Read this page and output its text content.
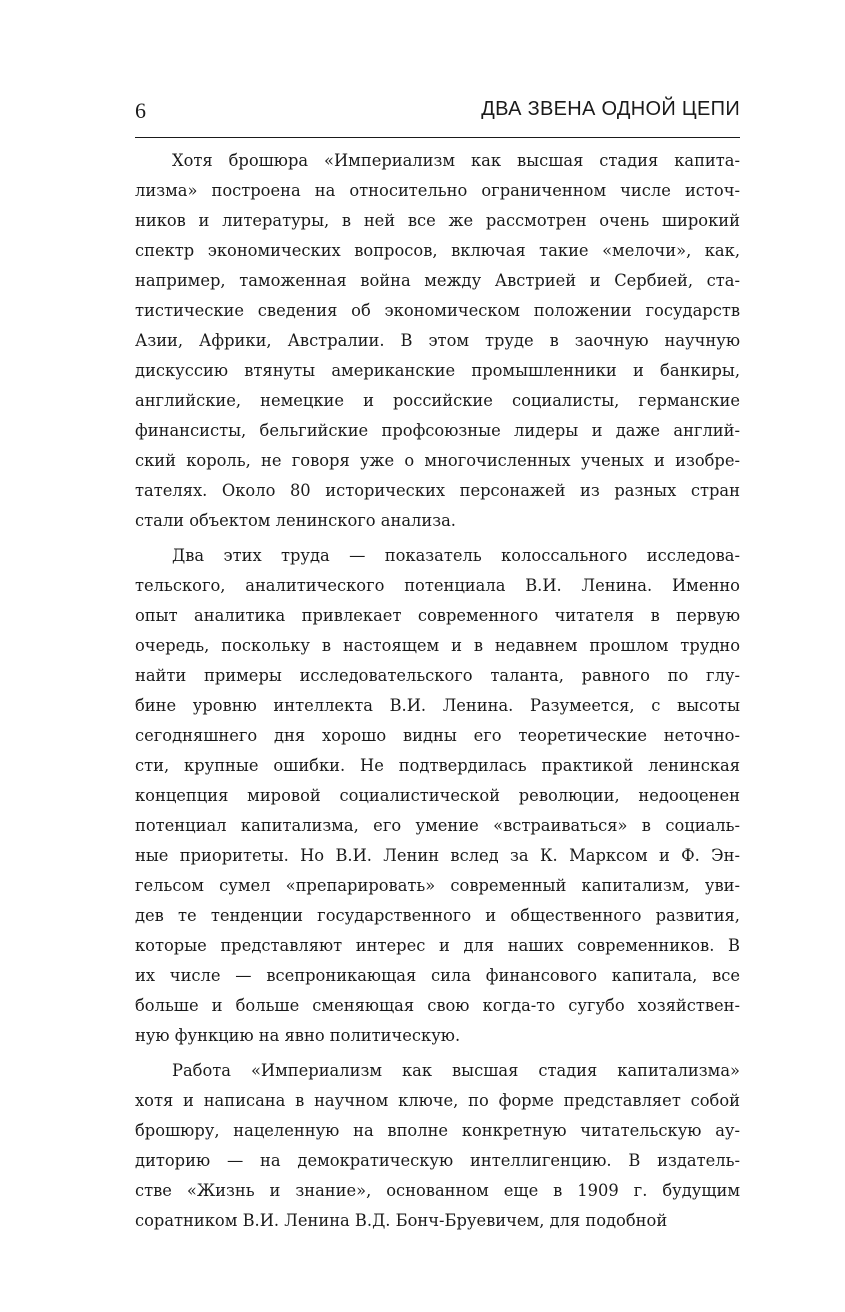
6	ДВА ЗВЕНА ОДНОЙ ЦЕПИ
Хотя брошюра «Империализм как высшая стадия капита-
лизма» построена на относительно ограниченном числе источ-
ников и литературы, в ней все же рассмотрен очень широкий
спектр экономических вопросов, включая такие «мелочи», как,
например, таможенная война между Австрией и Сербией, ста-
тистические сведения об экономическом положении государств
Азии, Африки, Австралии. В этом труде в заочную научную
дискуссию втянуты американские промышленники и банкиры,
английские, немецкие и российские социалисты, германские
финансисты, бельгийские профсоюзные лидеры и даже англий-
ский король, не говоря уже о многочисленных ученых и изобре-
тателях. Около 80 исторических персонажей из разных стран
стали объектом ленинского анализа.
Два этих труда — показатель колоссального исследова-
тельского, аналитического потенциала В.И. Ленина. Именно
опыт аналитика привлекает современного читателя в первую
очередь, поскольку в настоящем и в недавнем прошлом трудно
найти примеры исследовательского таланта, равного по глу-
бине уровню интеллекта В.И. Ленина. Разумеется, с высоты
сегодняшнего дня хорошо видны его теоретические неточно-
сти, крупные ошибки. Не подтвердилась практикой ленинская
концепция мировой социалистической революции, недооценен
потенциал капитализма, его умение «встраиваться» в социаль-
ные приоритеты. Но В.И. Ленин вслед за К. Марксом и Ф. Эн-
гельсом сумел «препарировать» современный капитализм, уви-
дев те тенденции государственного и общественного развития,
которые представляют интерес и для наших современников. В
их числе — всепроникающая сила финансового капитала, все
больше и больше сменяющая свою когда-то сугубо хозяйствен-
ную функцию на явно политическую.
Работа «Империализм как высшая стадия капитализма»
хотя и написана в научном ключе, по форме представляет собой
брошюру, нацеленную на вполне конкретную читательскую ау-
диторию — на демократическую интеллигенцию. В издатель-
стве «Жизнь и знание», основанном еще в 1909 г. будущим
соратником В.И. Ленина В.Д. Бонч-Бруевичем, для подобной
